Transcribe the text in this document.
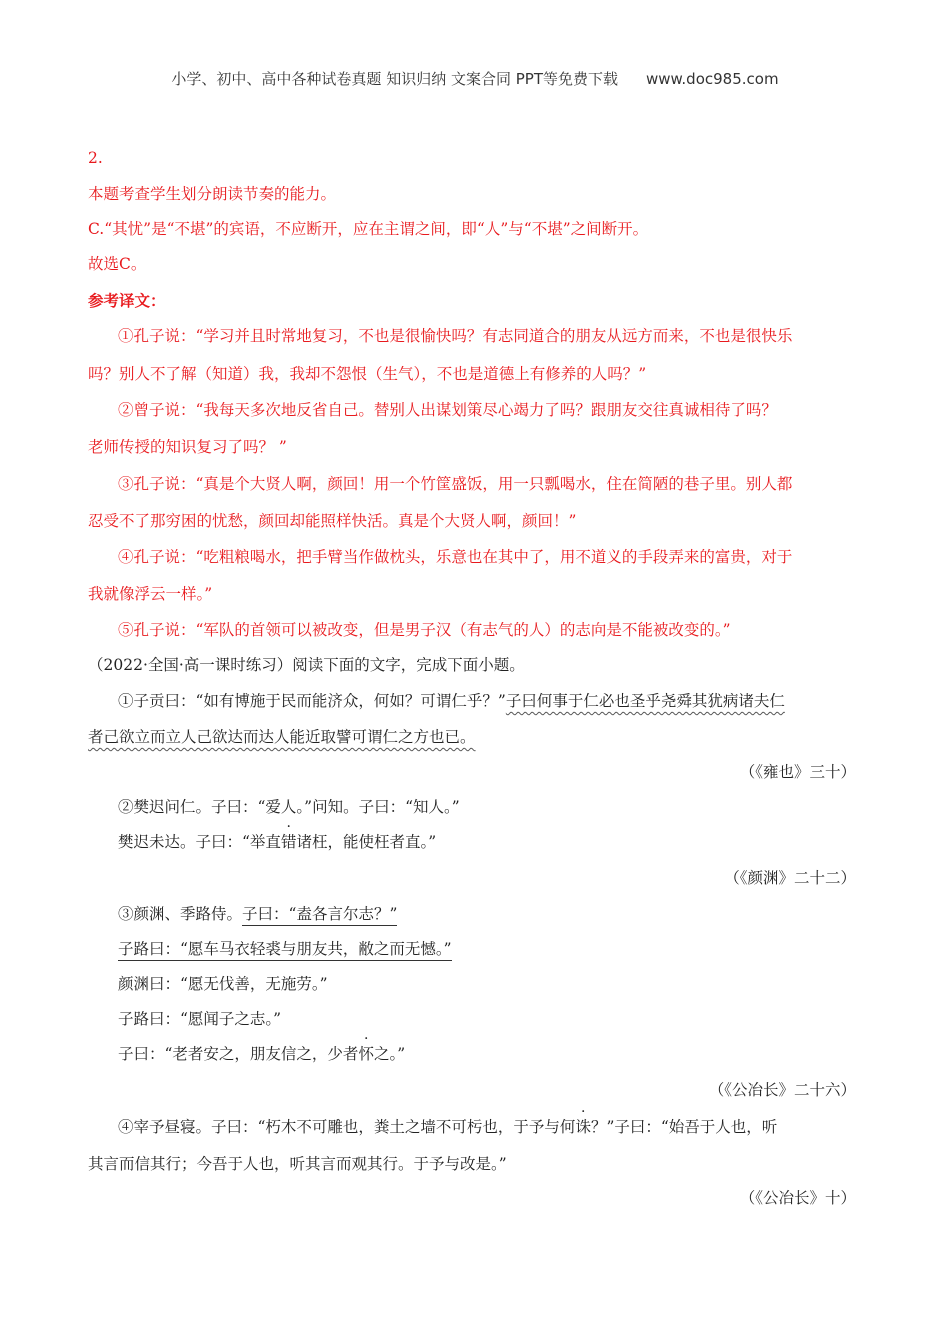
小学、初中、高中各种试卷真题 知识归纳 文案合同 PPT等免费下载 www.doc985.com
2.
本题考查学生划分朗读节奏的能力。
C.“其忧”是“不堪”的宾语，不应断开，应在主谓之间，即“人”与“不堪”之间断开。
故选C。
参考译文：
①孔子说：“学习并且时常地复习，不也是很愉快吗？有志同道合的朋友从远方而来，不也是很快乐
吗？别人不了解（知道）我，我却不怨恨（生气），不也是道德上有修养的人吗？”
②曾子说：“我每天多次地反省自己。替别人出谋划策尽心竭力了吗？跟朋友交往真诚相待了吗？
老师传授的知识复习了吗？ ”
③孔子说：“真是个大贤人啊，颜回！用一个竹筐盛饭，用一只瓢喝水，住在简陋的巷子里。别人都
忍受不了那穷困的忧愁，颜回却能照样快活。真是个大贤人啊，颜回！”
④孔子说：“吃粗粮喝水，把手臂当作做枕头，乐意也在其中了，用不道义的手段弄来的富贵，对于
我就像浮云一样。”
⑤孔子说：“军队的首领可以被改变，但是男子汉（有志气的人）的志向是不能被改变的。”
（2022·全国·高一课时练习）阅读下面的文字，完成下面小题。
①子贡曰：“如有博施于民而能济众，何如？可谓仁乎？”子曰何事于仁必也圣乎尧舜其犹病诸夫仁
者己欲立而立人己欲达而达人能近取譬可谓仁之方也已。
（《雍也》三十）
②樊迟问仁。子曰：“爱人。”问知。子曰：“知人。”
樊迟未达。子曰：“举直错诸枉，能使枉者直。”
（《颜渊》二十二）
③颜渊、季路侍。子曰：“盍各言尔志？”
子路曰：“愿车马衣轻裘与朋友共，敝之而无憾。”
颜渊曰：“愿无伐善，无施劳。”
子路曰：“愿闻子之志。”
子曰：“老者安之，朋友信之，少者怀之。”
（《公冶长》二十六）
④宰予昼寝。子曰：“朽木不可雕也，粪土之墙不可杇也，于予与何诛？”子曰：“始吾于人也，听
其言而信其行；今吾于人也，听其言而观其行。于予与改是。”
（《公冶长》十）
